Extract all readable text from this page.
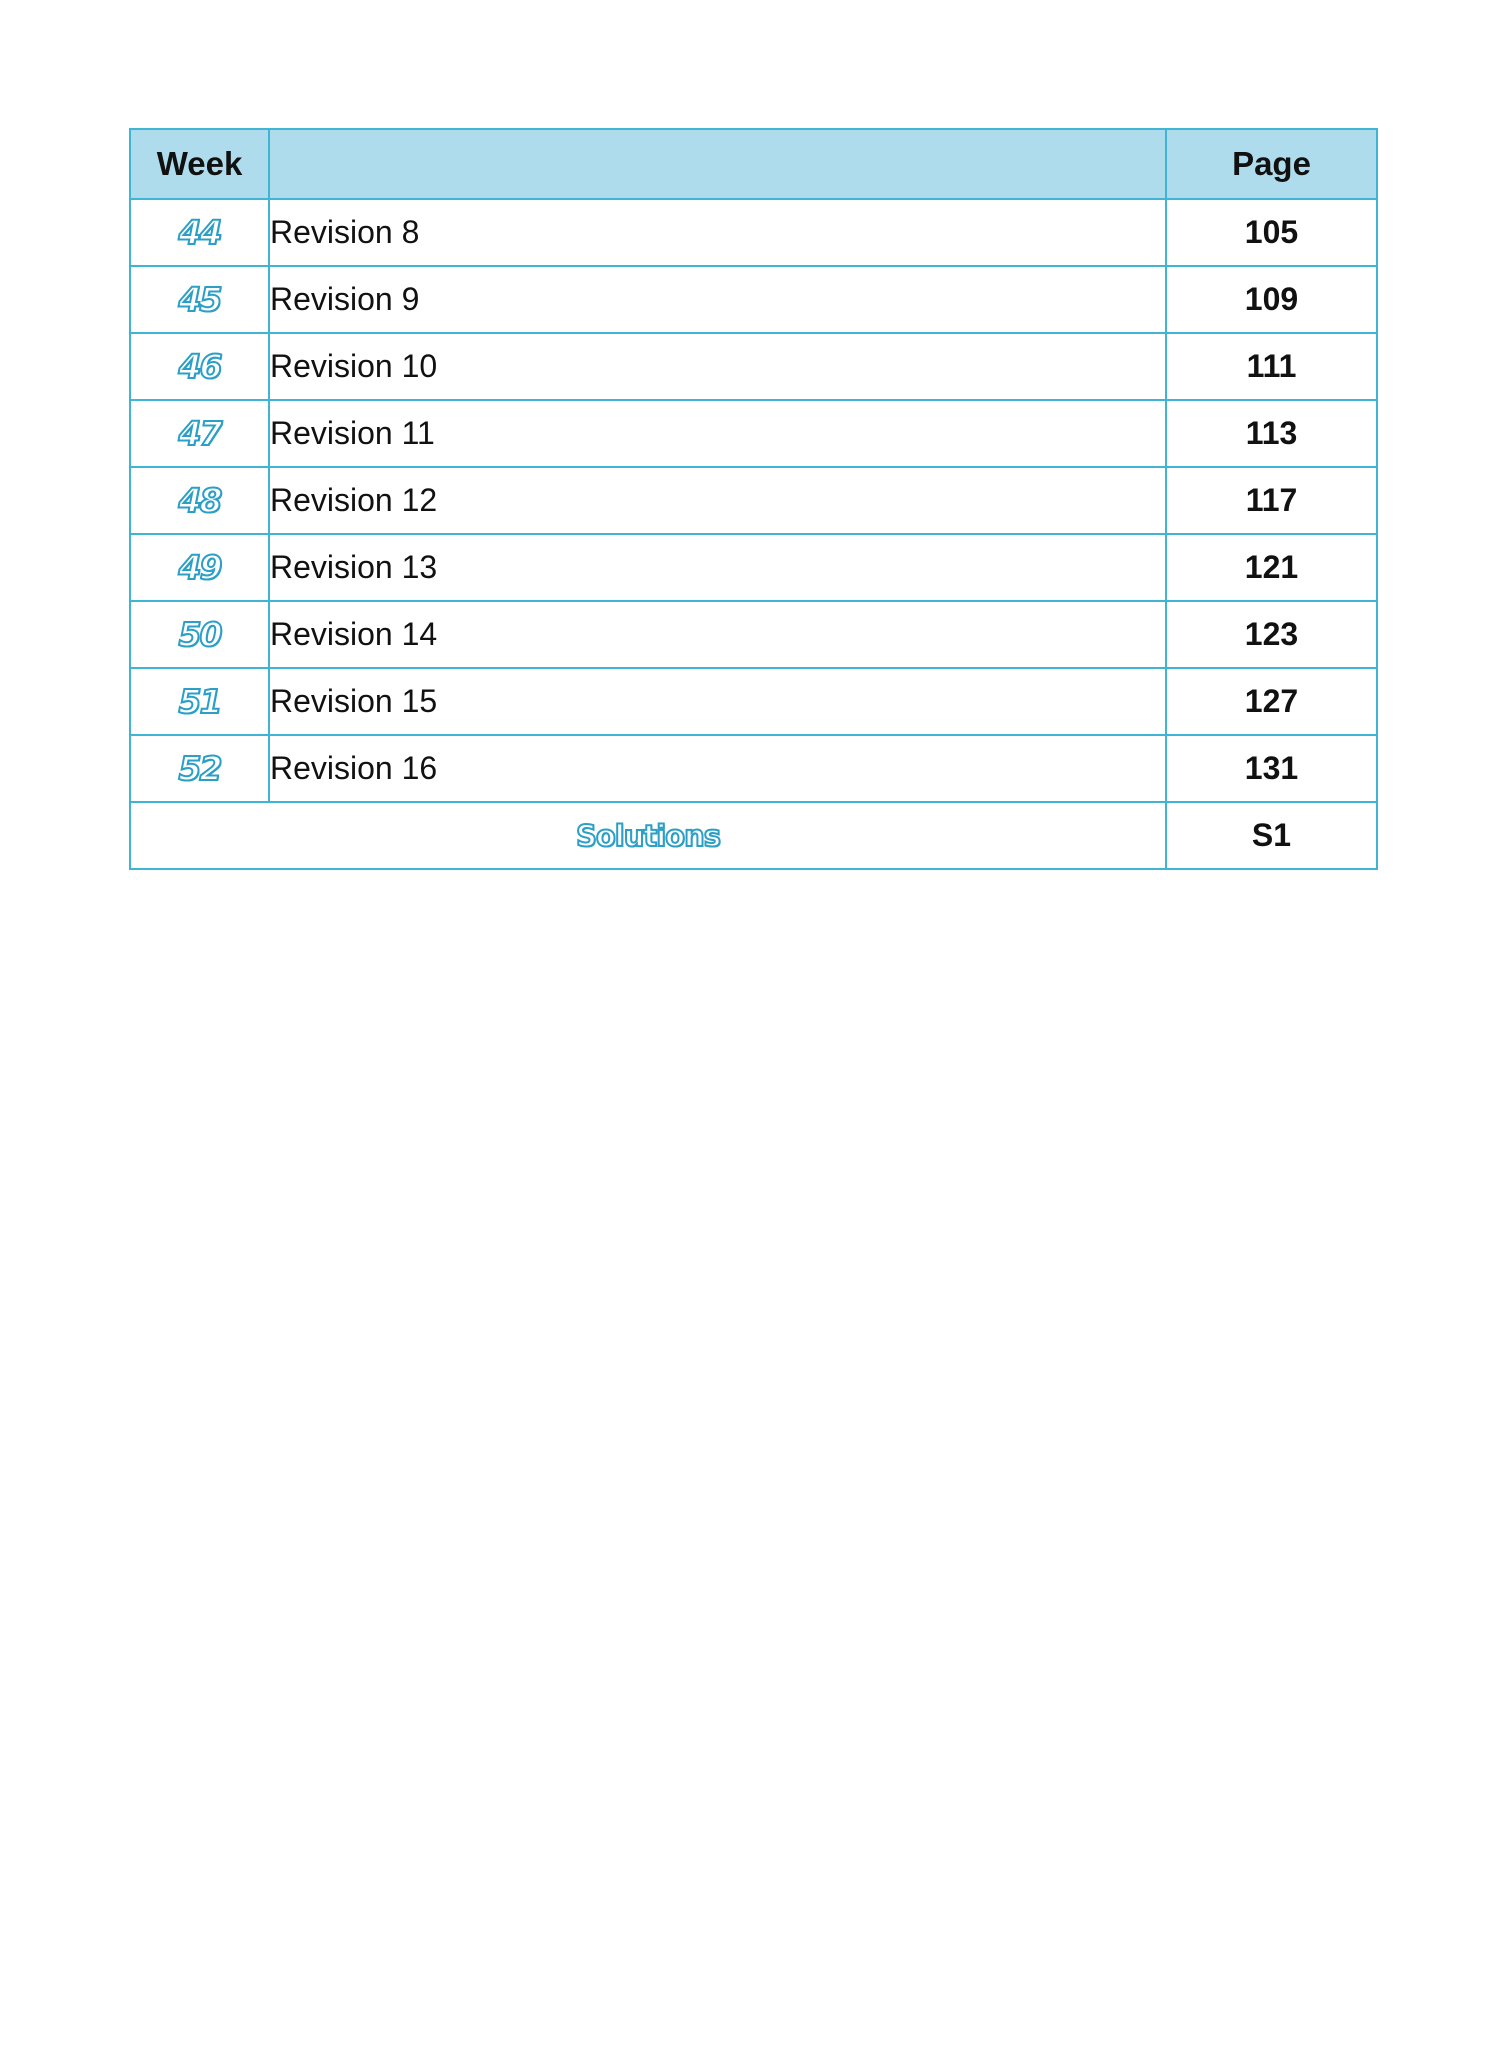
Week		Page
44	Revision 8	105
45	Revision 9	109
46	Revision 10	111
47	Revision 11	113
48	Revision 12	117
49	Revision 13	121
50	Revision 14	123
51	Revision 15	127
52	Revision 16	131
Solutions		S1
